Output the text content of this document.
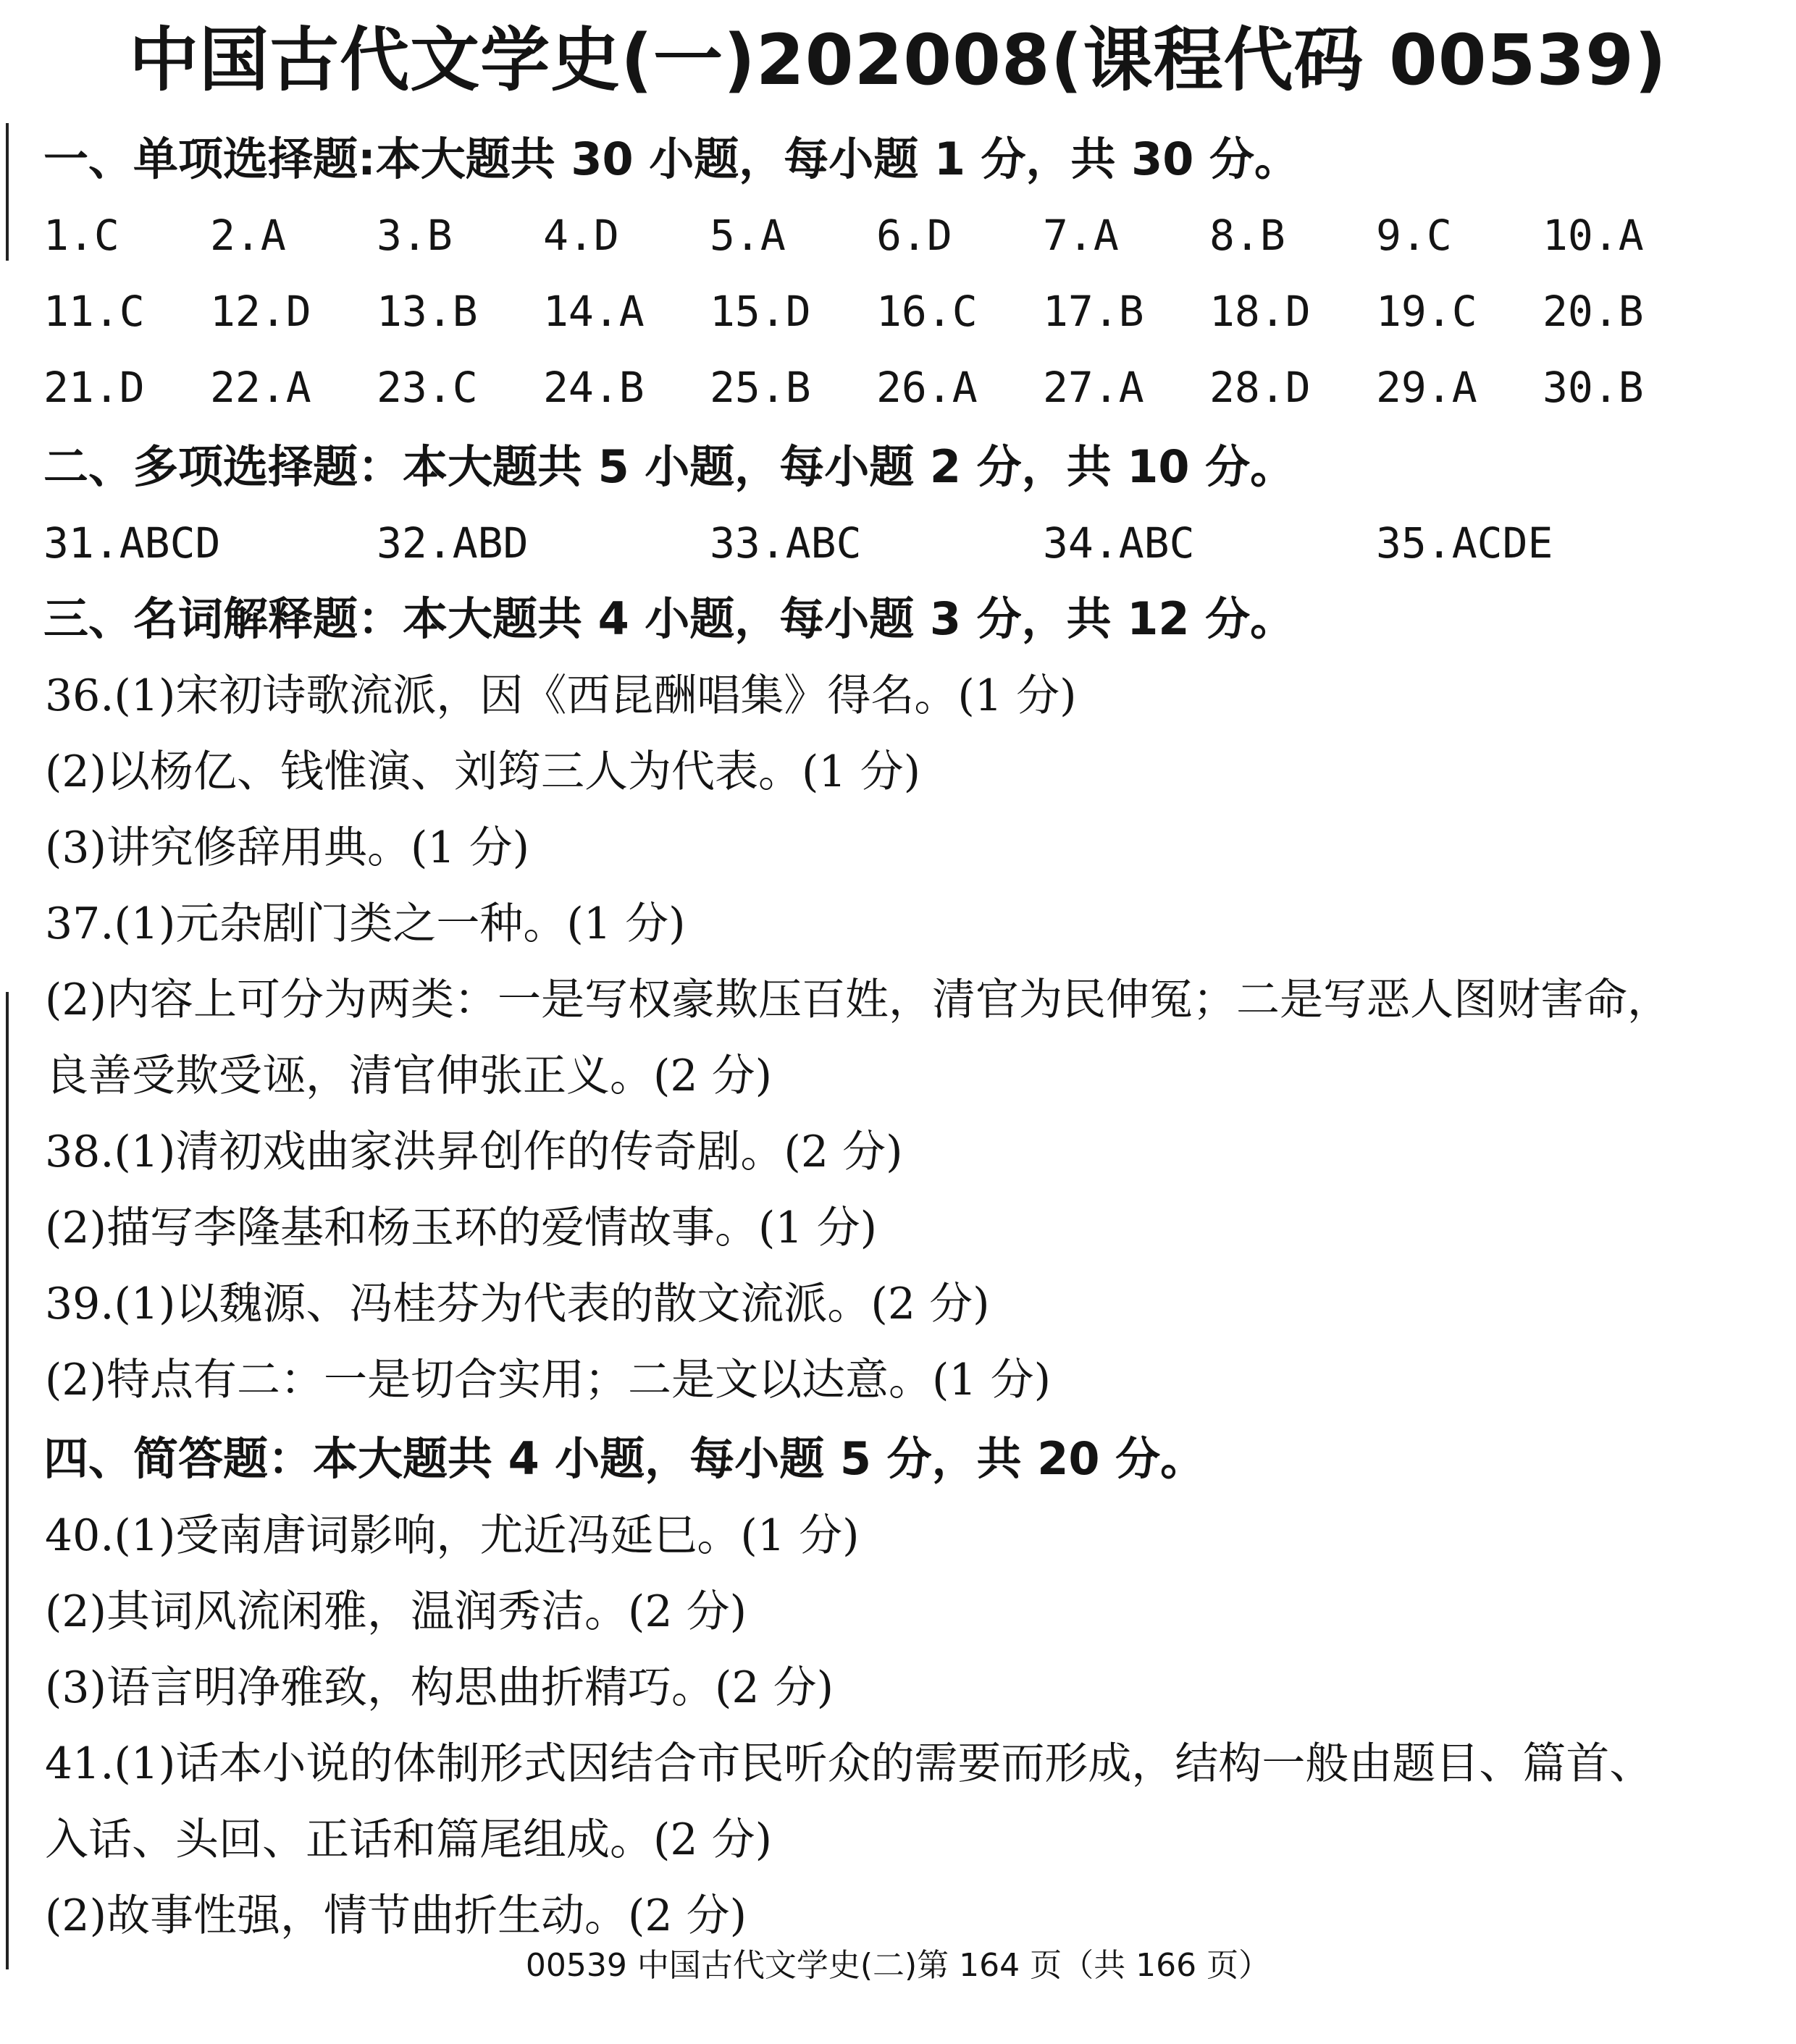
中国古代文学史(一)202008(课程代码 00539)
一、单项选择题:本大题共 30 小题，每小题 1 分，共 30 分。
1.C 2.A 3.B 4.D 5.A 6.D 7.A 8.B 9.C 10.A
11.C 12.D 13.B 14.A 15.D 16.C 17.B 18.D 19.C 20.B
21.D 22.A 23.C 24.B 25.B 26.A 27.A 28.D 29.A 30.B
二、多项选择题：本大题共 5 小题，每小题 2 分，共 10 分。
31.ABCD	32.ABD	33.ABC	34.ABC	35.ACDE
三、名词解释题：本大题共 4 小题，每小题 3 分，共 12 分。

36.(1)宋初诗歌流派，因《西昆酬唱集》得名。(1 分)

(2)以杨亿、钱惟演、刘筠三人为代表。(1 分)

(3)讲究修辞用典。(1 分)

37.(1)元杂剧门类之一种。(1 分)

(2)内容上可分为两类：一是写权豪欺压百姓，清官为民伸冤；二是写恶人图财害命，

良善受欺受诬，清官伸张正义。(2 分)

38.(1)清初戏曲家洪昇创作的传奇剧。(2 分)

(2)描写李隆基和杨玉环的爱情故事。(1 分)

39.(1)以魏源、冯桂芬为代表的散文流派。(2 分)

(2)特点有二：一是切合实用；二是文以达意。(1 分)

四、简答题：本大题共 4 小题，每小题 5 分，共 20 分。

40.(1)受南唐词影响，尤近冯延巳。(1 分)

(2)其词风流闲雅，温润秀洁。(2 分)

(3)语言明净雅致，构思曲折精巧。(2 分)

41.(1)话本小说的体制形式因结合市民听众的需要而形成，结构一般由题目、篇首、

入话、头回、正话和篇尾组成。(2 分)

(2)故事性强，情节曲折生动。(2 分)

00539 中国古代文学史(二)第 164 页（共 166 页）
